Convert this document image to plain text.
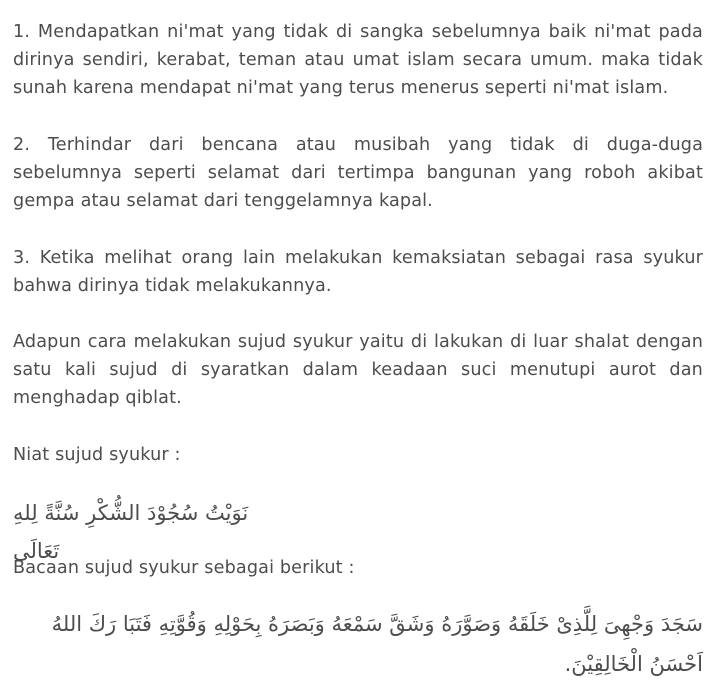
1. Mendapatkan ni'mat yang tidak di sangka sebelumnya baik ni'mat pada dirinya sendiri, kerabat, teman atau umat islam secara umum. maka tidak sunah karena mendapat ni'mat yang terus menerus seperti ni'mat islam.

2. Terhindar dari bencana atau musibah yang tidak di duga-duga sebelumnya seperti selamat dari tertimpa bangunan yang roboh akibat gempa atau selamat dari tenggelamnya kapal.

3. Ketika melihat orang lain melakukan kemaksiatan sebagai rasa syukur bahwa dirinya tidak melakukannya.

Adapun cara melakukan sujud syukur yaitu di lakukan di luar shalat dengan satu kali sujud di syaratkan dalam keadaan suci menutupi aurot dan menghadap qiblat.

Niat sujud syukur :

نَوَيْتُ سُجُوْدَ الشُّكْرِ سُنَّةً لِلهِ تَعَالَى

Bacaan sujud syukur sebagai berikut :

سَجَدَ وَجْهِىَ لِلَّذِىْ خَلَقَهُ وَصَوَّرَهُ وَشَقَّ سَمْعَهُ وَبَصَرَهُ بِحَوْلِهِ وَقُوَّتِهِ فَتَبَا رَكَ اللهُ اَحْسَنُ الْخَالِقِيْنَ.
